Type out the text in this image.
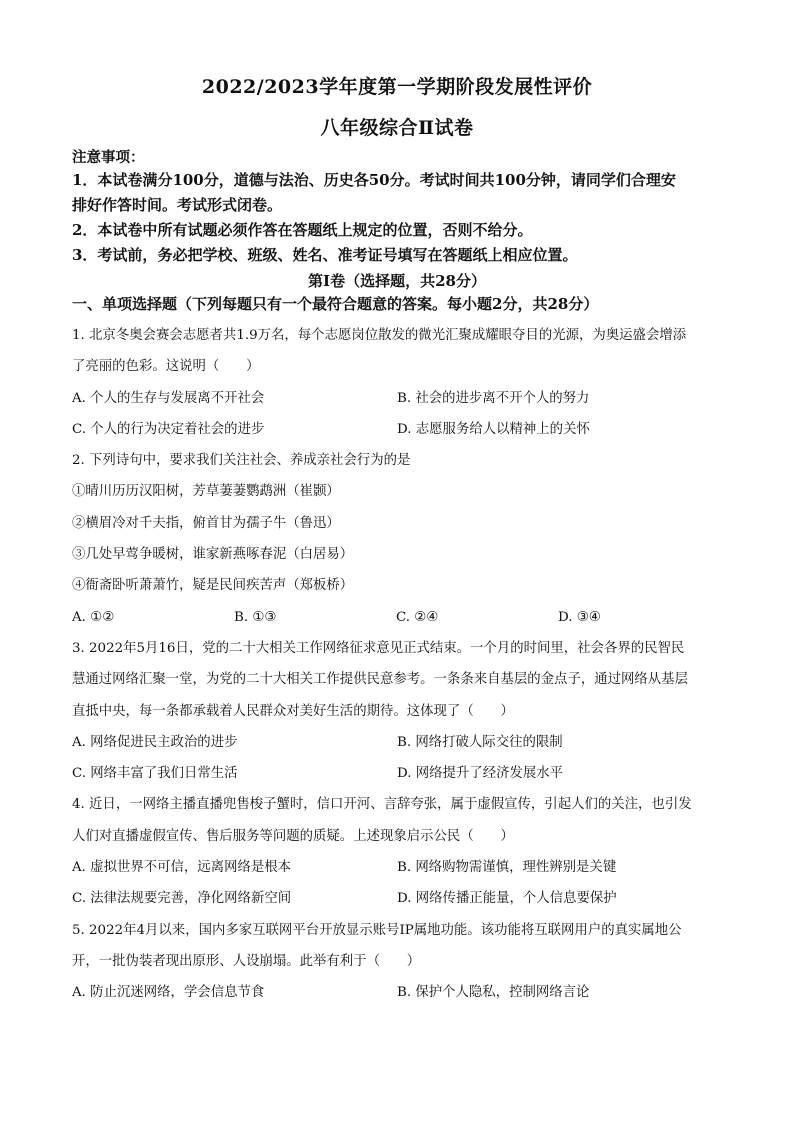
2022/2023学年度第一学期阶段发展性评价
八年级综合Ⅱ试卷
注意事项：
1．本试卷满分100分，道德与法治、历史各50分。考试时间共100分钟，请同学们合理安
排好作答时间。考试形式闭卷。
2．本试卷中所有试题必须作答在答题纸上规定的位置，否则不给分。
3．考试前，务必把学校、班级、姓名、准考证号填写在答题纸上相应位置。
第Ⅰ卷（选择题，共28分）
一、单项选择题（下列每题只有一个最符合题意的答案。每小题2分，共28分）
1. 北京冬奥会赛会志愿者共1.9万名，每个志愿岗位散发的微光汇聚成耀眼夺目的光源，为奥运盛会增添
了亮丽的色彩。这说明（　　）
A. 个人的生存与发展离不开社会	B. 社会的进步离不开个人的努力
C. 个人的行为决定着社会的进步	D. 志愿服务给人以精神上的关怀
2. 下列诗句中，要求我们关注社会、养成亲社会行为的是
①晴川历历汉阳树，芳草萋萋鹦鹉洲（崔颢）
②横眉冷对千夫指，俯首甘为孺子牛（鲁迅）
③几处早莺争暖树，谁家新燕啄春泥（白居易）
④衙斋卧听萧萧竹，疑是民间疾苦声（郑板桥）
A. ①②	B. ①③	C. ②④	D. ③④
3. 2022年5月16日，党的二十大相关工作网络征求意见正式结束。一个月的时间里，社会各界的民智民
慧通过网络汇聚一堂，为党的二十大相关工作提供民意参考。一条条来自基层的金点子，通过网络从基层
直抵中央，每一条都承载着人民群众对美好生活的期待。这体现了（　　）
A. 网络促进民主政治的进步	B. 网络打破人际交往的限制
C. 网络丰富了我们日常生活	D. 网络提升了经济发展水平
4. 近日，一网络主播直播兜售梭子蟹时，信口开河、言辞夸张，属于虚假宣传，引起人们的关注，也引发
人们对直播虚假宣传、售后服务等问题的质疑。上述现象启示公民（　　）
A. 虚拟世界不可信，远离网络是根本	B. 网络购物需谨慎，理性辨别是关键
C. 法律法规要完善，净化网络新空间	D. 网络传播正能量，个人信息要保护
5. 2022年4月以来，国内多家互联网平台开放显示账号IP属地功能。该功能将互联网用户的真实属地公
开，一批伪装者现出原形、人设崩塌。此举有利于（　　）
A. 防止沉迷网络，学会信息节食	B. 保护个人隐私，控制网络言论
